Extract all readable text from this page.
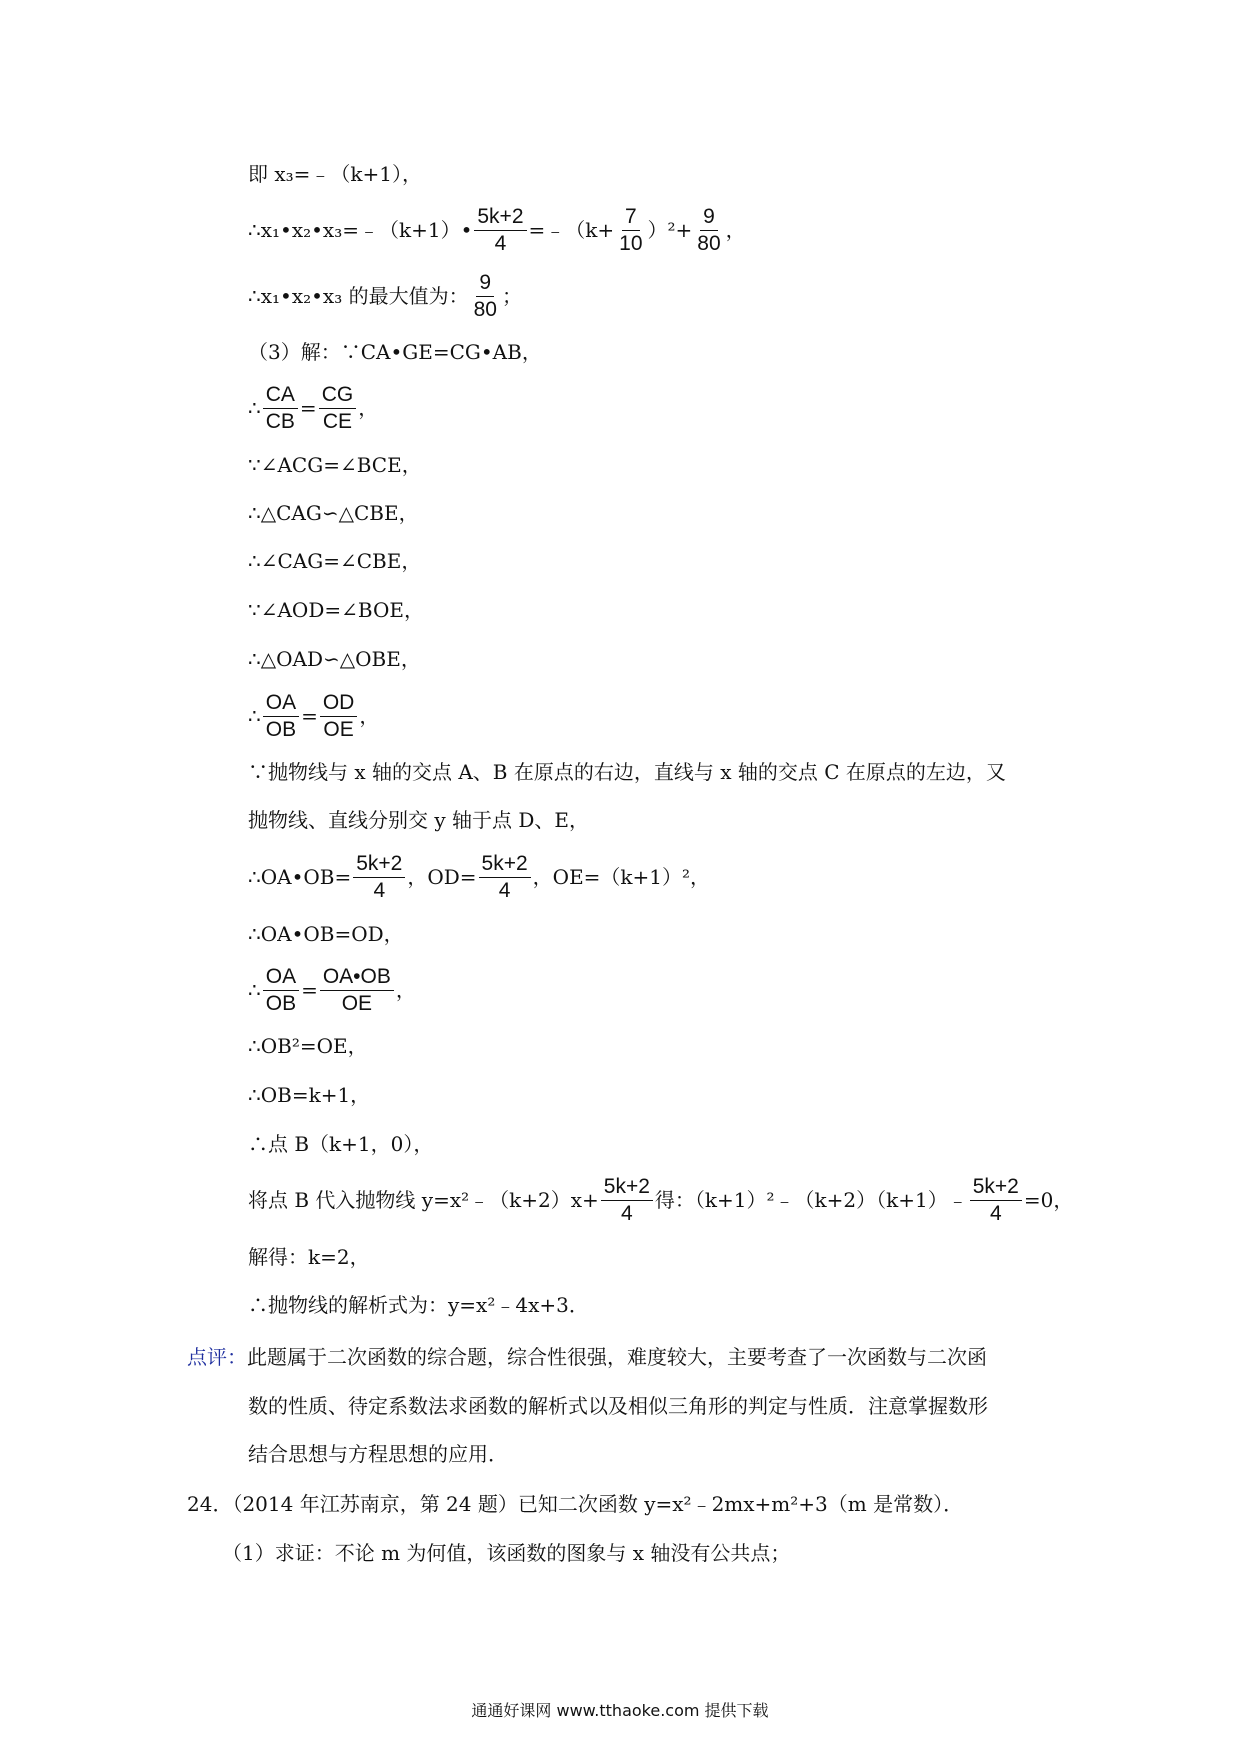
即 x₃=﹣（k+1），
∴x₁•x₂•x₃=﹣（k+1）• $\frac{5k+2}{4}$ =﹣（k+ $\frac{7}{10} )^2+ \frac{9}{80}$ ，
∴x₁•x₂•x₃ 的最大值为： $\frac{9}{80}$ ；
（3）解：∵CA•GE=CG•AB，
∴ $\frac{CA}{CB} = \frac{CG}{CE}$ ，
∵∠ACG=∠BCE，
∴△CAG∽△CBE，
∴∠CAG=∠CBE，
∵∠AOD=∠BOE，
∴△OAD∽△OBE，
∴ $\frac{OA}{OB} = \frac{OD}{OE}$ ，
∵抛物线与 x 轴的交点 A、B 在原点的右边，直线与 x 轴的交点 C 在原点的左边，又
抛物线、直线分别交 y 轴于点 D、E，
∴OA•OB= $\frac{5k+2}{4}$ ，$OD= \frac{5k+2}{4}$ ，OE=（k+1）²，
∴OA•OB=OD，
∴ $\frac{OA}{OB} = \frac{OA•OB}{OE}$ ，
∴OB²=OE，
∴OB=k+1，
∴点 B（k+1，0），
将点 B 代入抛物线 y=x²﹣（k+2）x+ $\frac{5k+2}{4}$ 得：（k+1）²﹣（k+2）（k+1）﹣ $\frac{5k+2}{4} =0$，
解得：k=2，
∴抛物线的解析式为：y=x²﹣4x+3．
点评：此题属于二次函数的综合题，综合性很强，难度较大，主要考查了一次函数与二次函
数的性质、待定系数法求函数的解析式以及相似三角形的判定与性质．注意掌握数形
结合思想与方程思想的应用．
24．（2014 年江苏南京，第 24 题）已知二次函数 y=x²﹣2mx+m²+3（m 是常数）．
（1）求证：不论 m 为何值，该函数的图象与 x 轴没有公共点；
通通好课网 www.tthaoke.com 提供下载
